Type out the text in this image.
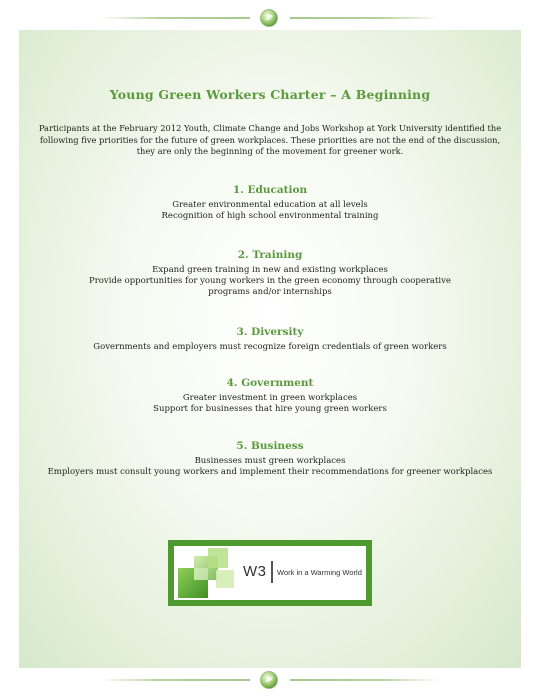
Young Green Workers Charter – A Beginning
Participants at the February 2012 Youth, Climate Change and Jobs Workshop at York University identified the
following five priorities for the future of green workplaces. These priorities are not the end of the discussion,
they are only the beginning of the movement for greener work.
1. Education
Greater environmental education at all levels
Recognition of high school environmental training
2. Training
Expand green training in new and existing workplaces
Provide opportunities for young workers in the green economy through cooperative
programs and/or internships
3. Diversity
Governments and employers must recognize foreign credentials of green workers
4. Government
Greater investment in green workplaces
Support for businesses that hire young green workers
5. Business
Businesses must green workplaces
Employers must consult young workers and implement their recommendations for greener workplaces
W3 Work in a Warming World
